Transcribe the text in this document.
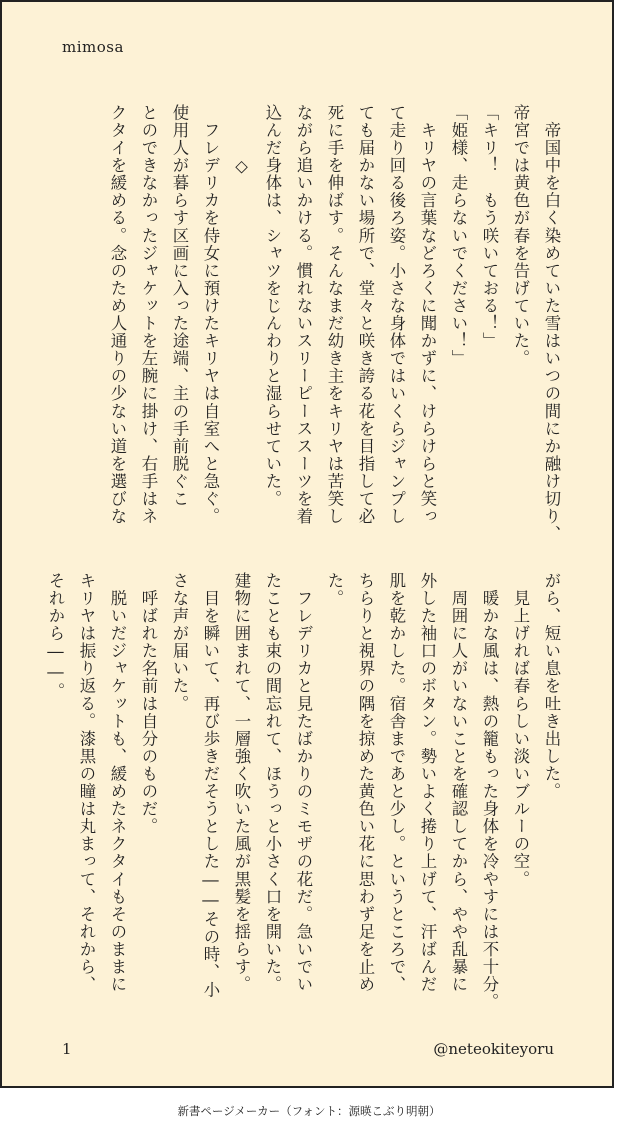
mimosa
　帝国中を白く染めていた雪はいつの間にか融け切り、
帝宮では黄色が春を告げていた。
「キリ！　もう咲いておる！」
「姫様、走らないでください！」
　キリヤの言葉などろくに聞かずに、けらけらと笑っ
て走り回る後ろ姿。小さな身体ではいくらジャンプし
ても届かない場所で、堂々と咲き誇る花を目指して必
死に手を伸ばす。そんなまだ幼き主をキリヤは苦笑し
ながら追いかける。慣れないスリーピーススーツを着
込んだ身体は、シャツをじんわりと湿らせていた。
　　　◇
　フレデリカを侍女に預けたキリヤは自室へと急ぐ。
使用人が暮らす区画に入った途端、主の手前脱ぐこ
とのできなかったジャケットを左腕に掛け、右手はネ
クタイを緩める。念のため人通りの少ない道を選びな
がら、短い息を吐き出した。
　見上げれば春らしい淡いブルーの空。
　暖かな風は、熱の籠もった身体を冷やすには不十分。
　周囲に人がいないことを確認してから、やや乱暴に
外した袖口のボタン。勢いよく捲り上げて、汗ばんだ
肌を乾かした。宿舎まであと少し。というところで、
ちらりと視界の隅を掠めた黄色い花に思わず足を止め
た。
　フレデリカと見たばかりのミモザの花だ。急いでい
たことも束の間忘れて、ほうっと小さく口を開いた。
建物に囲まれて、一層強く吹いた風が黒髪を揺らす。
　目を瞬いて、再び歩きだそうとした――その時、小
さな声が届いた。
　呼ばれた名前は自分のものだ。
　脱いだジャケットも、緩めたネクタイもそのままに
キリヤは振り返る。漆黒の瞳は丸まって、それから、
それから――。
1	@neteokiteyoru
新書ページメーカー（フォント：源暎こぶり明朝）
